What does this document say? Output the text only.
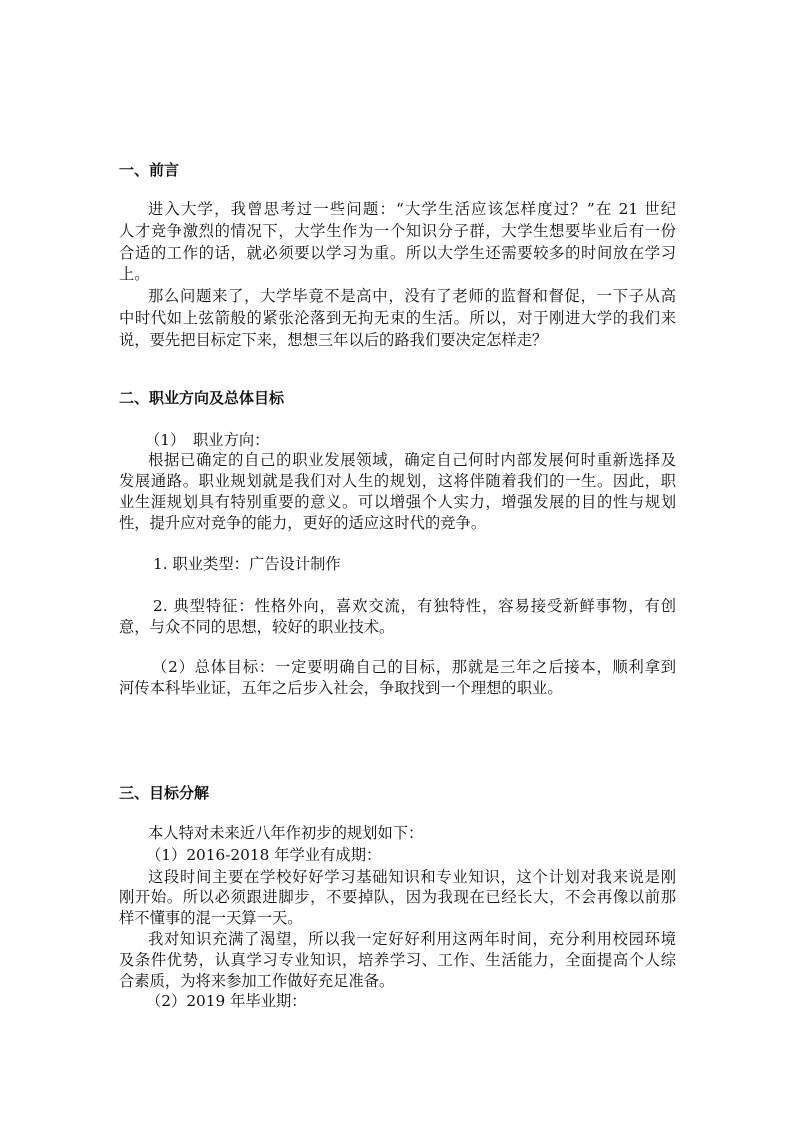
一、前言
进入大学，我曾思考过一些问题：“大学生活应该怎样度过？”在 21 世纪
人才竞争激烈的情况下，大学生作为一个知识分子群，大学生想要毕业后有一份
合适的工作的话，就必须要以学习为重。所以大学生还需要较多的时间放在学习
上。
那么问题来了，大学毕竟不是高中，没有了老师的监督和督促，一下子从高
中时代如上弦箭般的紧张沦落到无拘无束的生活。所以，对于刚进大学的我们来
说，要先把目标定下来，想想三年以后的路我们要决定怎样走？
二、职业方向及总体目标
（1）　职业方向：
根据已确定的自己的职业发展领域，确定自己何时内部发展何时重新选择及
发展通路。职业规划就是我们对人生的规划，这将伴随着我们的一生。因此，职
业生涯规划具有特别重要的意义。可以增强个人实力，增强发展的目的性与规划
性，提升应对竞争的能力，更好的适应这时代的竞争。
1. 职业类型：广告设计制作
2. 典型特征：性格外向，喜欢交流，有独特性，容易接受新鲜事物，有创
意，与众不同的思想，较好的职业技术。
（2）总体目标：一定要明确自己的目标，那就是三年之后接本，顺利拿到
河传本科毕业证，五年之后步入社会，争取找到一个理想的职业。
三、目标分解
本人特对未来近八年作初步的规划如下：
（1）2016-2018 年学业有成期：
这段时间主要在学校好好学习基础知识和专业知识，这个计划对我来说是刚
刚开始。所以必须跟进脚步，不要掉队，因为我现在已经长大，不会再像以前那
样不懂事的混一天算一天。
我对知识充满了渴望，所以我一定好好利用这两年时间，充分利用校园环境
及条件优势，认真学习专业知识，培养学习、工作、生活能力，全面提高个人综
合素质，为将来参加工作做好充足准备。
（2）2019 年毕业期：
